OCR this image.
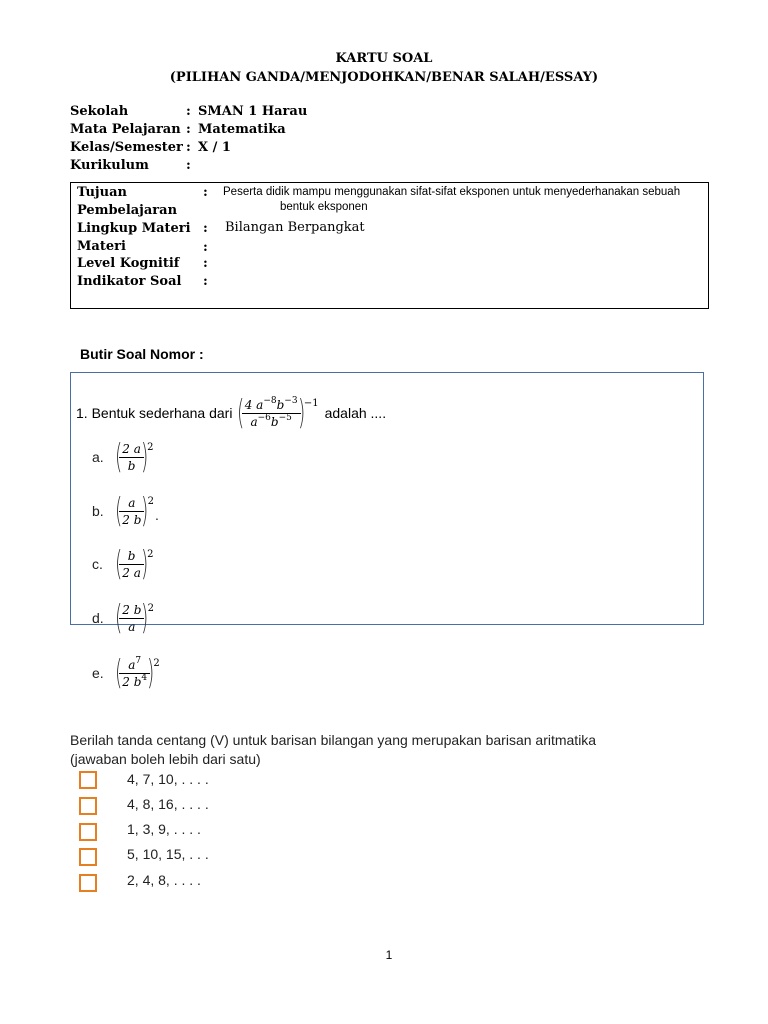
KARTU SOAL
(PILIHAN GANDA/MENJODOHKAN/BENAR SALAH/ESSAY)
Sekolah	: SMAN 1 Harau
Mata Pelajaran : Matematika
Kelas/Semester : X / 1
Kurikulum	:
Tujuan
Pembelajaran
: Peserta didik mampu menggunakan sifat-sifat eksponen untuk menyederhanakan sebuah
bentuk eksponen
Lingkup Materi : Bilangan Berpangkat
Materi	:
Level Kognitif :
Indikator Soal :
Butir Soal Nomor :
1. Bentuk sederhana dari (
$\frac{4 a^{-8}b^{-3}}{a^{-6}b^{-5}}$
)
−1
adalah ....
a. (
$\frac{2 a}{b}$
)
2
b. (
$\frac{a}{2 b}$
)
2
.
c. (
$\frac{b}{2 a}$
)
2
d. (
$\frac{2 b}{a}$
)
2
e. (
$\frac{a^7}{2 b^4}$
)
2
Berilah tanda centang (V) untuk barisan bilangan yang merupakan barisan aritmatika
(jawaban boleh lebih dari satu)
4, 7, 10, . . . .
4, 8, 16, . . . .
1, 3, 9, . . . .
5, 10, 15, . . .
2, 4, 8, . . . .
1
